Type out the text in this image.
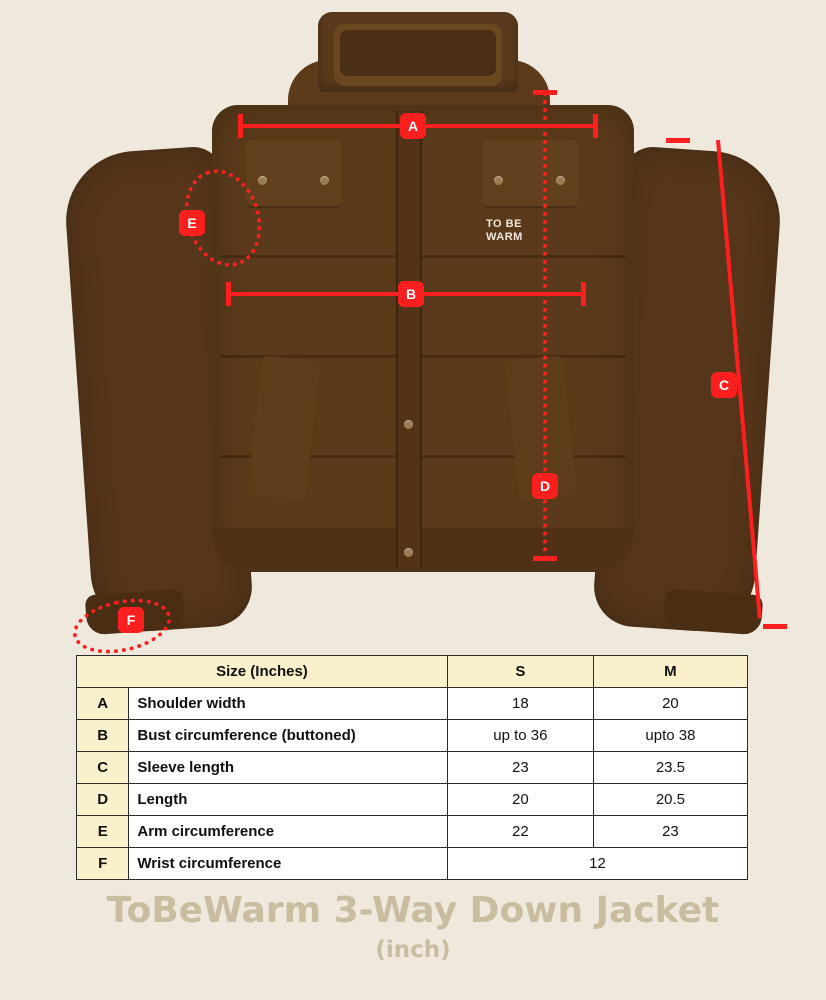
TO BE
WARM
A
B
D
C
E
F
Size (Inches)		S	M
A	Shoulder width	18	20
B	Bust circumference (buttoned)	up to 36	upto 38
C	Sleeve length	23	23.5
D	Length	20	20.5
E	Arm circumference	22	23
F	Wrist circumference	12	
ToBeWarm 3-Way Down Jacket
(inch)
